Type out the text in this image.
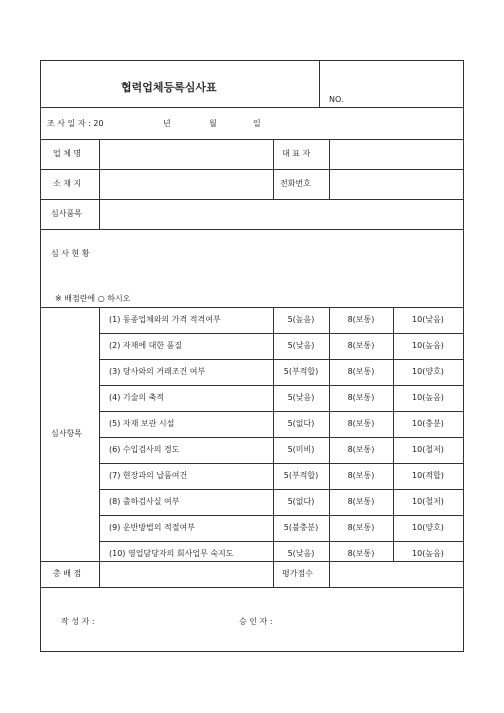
협력업체등록심사표
NO.
조 사 일 자 : 20	년	월	일
업 체 명	대 표 자
소 재 지	전화번호
심사품목
심 사 현 황
※ 배점란에 ○ 하시오
심사항목
(1) 동종업체와의 가격 적격여부	5(높음)	8(보통)	10(낮음)
(2) 자재에 대한 품질	5(낮음)	8(보통)	10(높음)
(3) 당사와의 거래조건 여부	5(부적합)	8(보통)	10(양호)
(4) 기술의 축적	5(낮음)	8(보통)	10(높음)
(5) 자재 보관 시설	5(없다)	8(보통)	10(충분)
(6) 수입검사의 경도	5(미비)	8(보통)	10(철저)
(7) 현장과의 납품여건	5(부적합)	8(보통)	10(적합)
(8) 출하검사실 여부	5(없다)	8(보통)	10(철저)
(9) 운반방법의 적절여부	5(불충분)	8(보통)	10(양호)
(10) 영업담당자의 회사업무 숙지도	5(낮음)	8(보통)	10(높음)
총 배 점	평가점수
작 성 자 :	승 인 자 :
